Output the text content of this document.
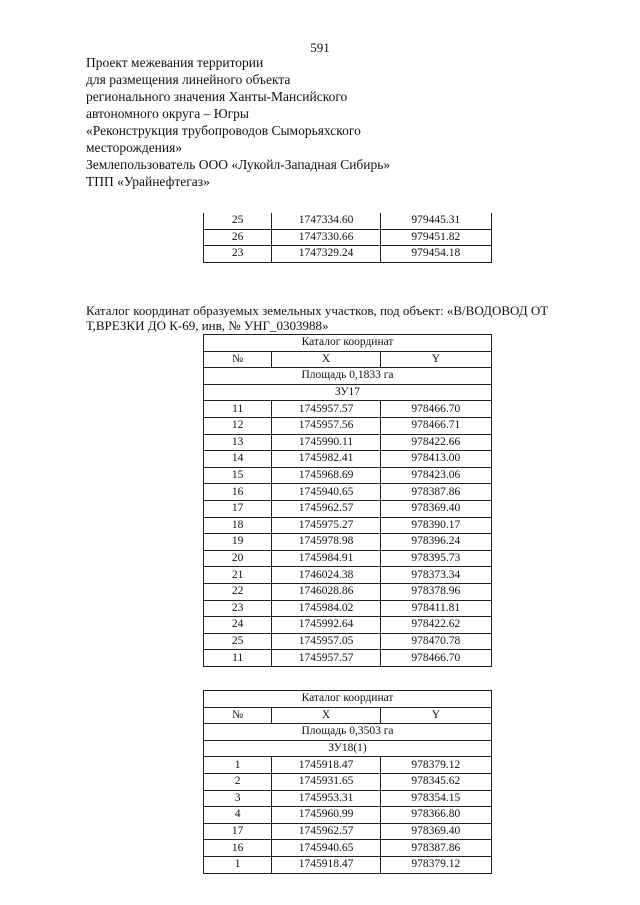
591
Проект межевания территории
для размещения линейного объекта
регионального значения Ханты-Мансийского
автономного округа – Югры
«Реконструкция трубопроводов Сыморьяхского
месторождения»
Землепользователь ООО «Лукойл-Западная Сибирь»
ТПП «Урайнефтегаз»
25	1747334.60	979445.31
26	1747330.66	979451.82
23	1747329.24	979454.18
Каталог координат образуемых земельных участков, под объект: «В/ВОДОВОД ОТ Т,ВРЕЗКИ ДО К-69, инв, № УНГ_0303988»
Каталог координат		
№	X	Y
Площадь 0,1833 га		
ЗУ17		
11	1745957.57	978466.70
12	1745957.56	978466.71
13	1745990.11	978422.66
14	1745982.41	978413.00
15	1745968.69	978423.06
16	1745940.65	978387.86
17	1745962.57	978369.40
18	1745975.27	978390.17
19	1745978.98	978396.24
20	1745984.91	978395.73
21	1746024.38	978373.34
22	1746028.86	978378.96
23	1745984.02	978411.81
24	1745992.64	978422.62
25	1745957.05	978470.78
11	1745957.57	978466.70
Каталог координат		
№	X	Y
Площадь 0,3503 га		
ЗУ18(1)		
1	1745918.47	978379.12
2	1745931.65	978345.62
3	1745953.31	978354.15
4	1745960.99	978366.80
17	1745962.57	978369.40
16	1745940.65	978387.86
1	1745918.47	978379.12
